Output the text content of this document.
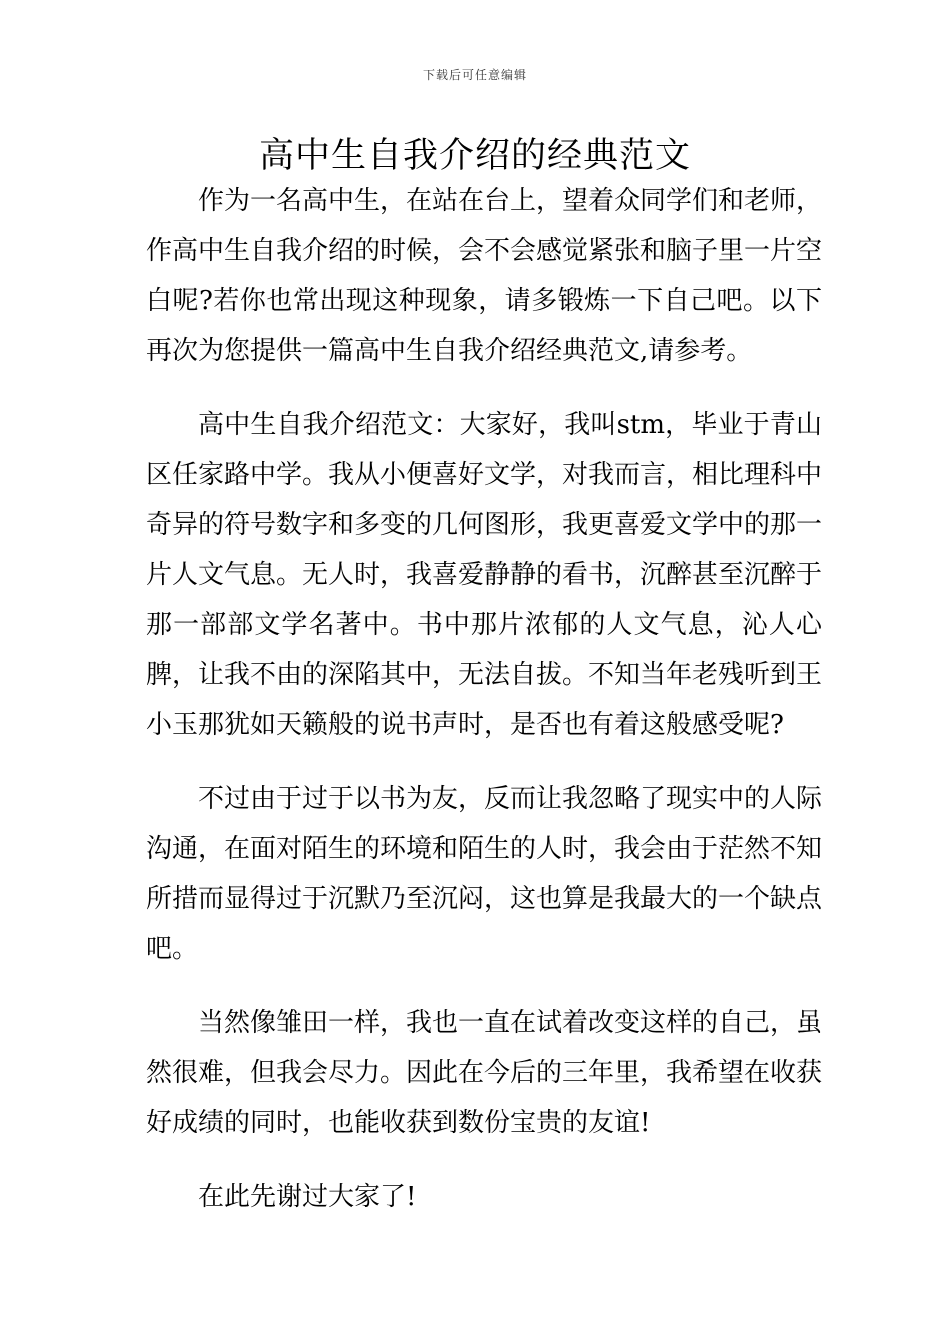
下载后可任意编辑
高中生自我介绍的经典范文

作为一名高中生，在站在台上，望着众同学们和老师，作高中生自我介绍的时候，会不会感觉紧张和脑子里一片空白呢?若你也常出现这种现象，请多锻炼一下自己吧。以下再次为您提供一篇高中生自我介绍经典范文,请参考。

高中生自我介绍范文：大家好，我叫stm，毕业于青山区任家路中学。我从小便喜好文学，对我而言，相比理科中奇异的符号数字和多变的几何图形，我更喜爱文学中的那一片人文气息。无人时，我喜爱静静的看书，沉醉甚至沉醉于那一部部文学名著中。书中那片浓郁的人文气息，沁人心脾，让我不由的深陷其中，无法自拔。不知当年老残听到王小玉那犹如天籁般的说书声时，是否也有着这般感受呢?

不过由于过于以书为友，反而让我忽略了现实中的人际沟通，在面对陌生的环境和陌生的人时，我会由于茫然不知所措而显得过于沉默乃至沉闷，这也算是我最大的一个缺点吧。

当然像雏田一样，我也一直在试着改变这样的自己，虽然很难，但我会尽力。因此在今后的三年里，我希望在收获好成绩的同时，也能收获到数份宝贵的友谊!

在此先谢过大家了!
